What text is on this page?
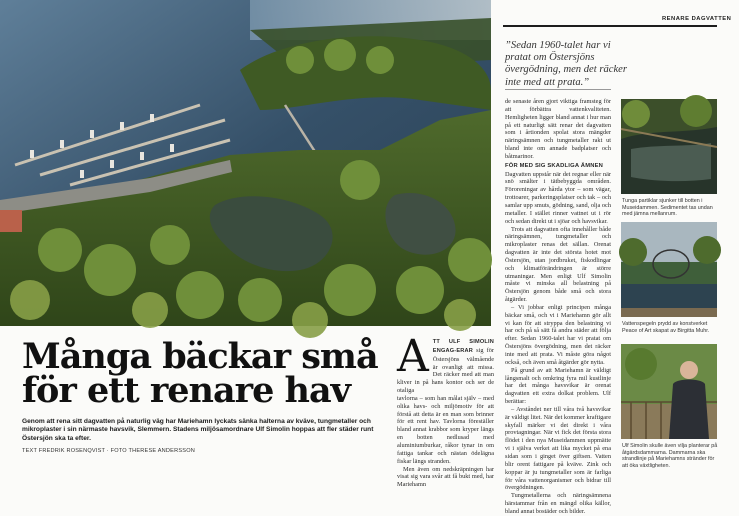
Många bäckar små
för ett renare hav

Genom att rena sitt dagvatten på naturlig väg har Mariehamn lyckats sänka halterna av kväve, tungmetaller och mikroplaster i sin närmaste havsvik, Slemmern. Stadens miljösamordnare Ulf Simolin hoppas att fler städer runt Östersjön ska ta efter.

TEXT FREDRIK ROSENQVIST · FOTO THERESE ANDERSSON
A TT ULF SIMOLIN ENGAG-ERAR sig för Östersjöns välmående är ovanligt att missa. Det räcker med att man kliver in på hans kontor och ser de otaliga

tavlorna – som han målat själv – med olika havs- och miljömotiv för att förstå att detta är en man som brinner för ett rent hav. Tavlorna föreställer bland annat krabbor som kryper längs en botten nedlusad med aluminiumburkar, råkor tynar in om fattiga tankar och nästan ödelägna fiskar längs stranden.

Men även om nedskräpningen har visat sig vara svår att få bukt med, har Mariehamn

RENARE DAGVATTEN

”Sedan 1960-talet har vi pratat om Östersjöns övergödning, men det räcker inte med att prata.”

de senaste åren gjort viktiga framsteg för att förbättra vattenkvaliteten. Hemligheten ligger bland annat i hur man på ett naturligt sätt renar det dagvatten som i årtionden spolat stora mängder näringsämnen och tungmetaller rakt ut bland inte om annade badplatser och båtmarinor.

FÖR MED SIG SKADLIGA ÄMNEN

Dagvatten uppstår när det regnar eller när snö smälter i tätbebyggda områden. Föroreningar av hårda ytor – som vägar, trottoarer, parkeringsplatser och tak – och samlar upp smuts, gödning, sand, olja och metaller. I stället rinner vattnet ut i rör och sedan direkt ut i sjöar och havsvikar.

Trots att dagvatten ofta innehåller både näringsämnen, tungmetaller och mikroplaster renas det sällan. Orenat dagvatten är inte det största hotet mot Östersjön, utan jordbruket, fiskodlingar och klimatförändringen är större utmaningar. Men enligt Ulf Simolin måste vi minska all belastning på Östersjön genom både små och stora åtgärder.

– Vi jobbar enligt principen många bäckar små, och vi i Mariehamn gör allt vi kan för att stryppa den belastning vi har och på så sätt få andra städer att följa efter. Sedan 1960-talet har vi pratat om Östersjöns övergödning, men det räcker inte med att prata. Vi måste göra något också, och även små åtgärder gör nytta.

På grund av att Mariehamn är väldigt långsmalt och omkring fyra mil kustlinje har det många havsvikar är orenat dagvatten ett extra dolkat problem. Ulf berättar:

– Avståndet ner till våra två havsvikar är väldigt litet. När det kommer kraftigare skyfall märker vi det direkt i våra provtagningar. När vi fick det första stora flödet i den nya Museidammen uppmätte vi i själva verket att lika mycket på ena sidan som i ginget över giftsen. Vatten blir orent fattigare på kväve. Zink och koppar är ju tungmetaller som är farliga för våra vattenorganismer och bidrar till övergödningen.

Tungmetallerna och näringsämnena härstammar från en mängd olika källor, bland annat bostäder och bilder.

Tunga partiklar sjunker till botten i Museidammen. Sedimentet tas undan med jämna mellanrum.

Vattenspegeln prydd av konstverket Peace of Art skapat av Birgitta Muhr.

Ulf Simolin skulle även vilja planterar på åtgärdsdammarna. Dammarna ska strandlinje på Mariehamns stränder för att öka växtligheten.
